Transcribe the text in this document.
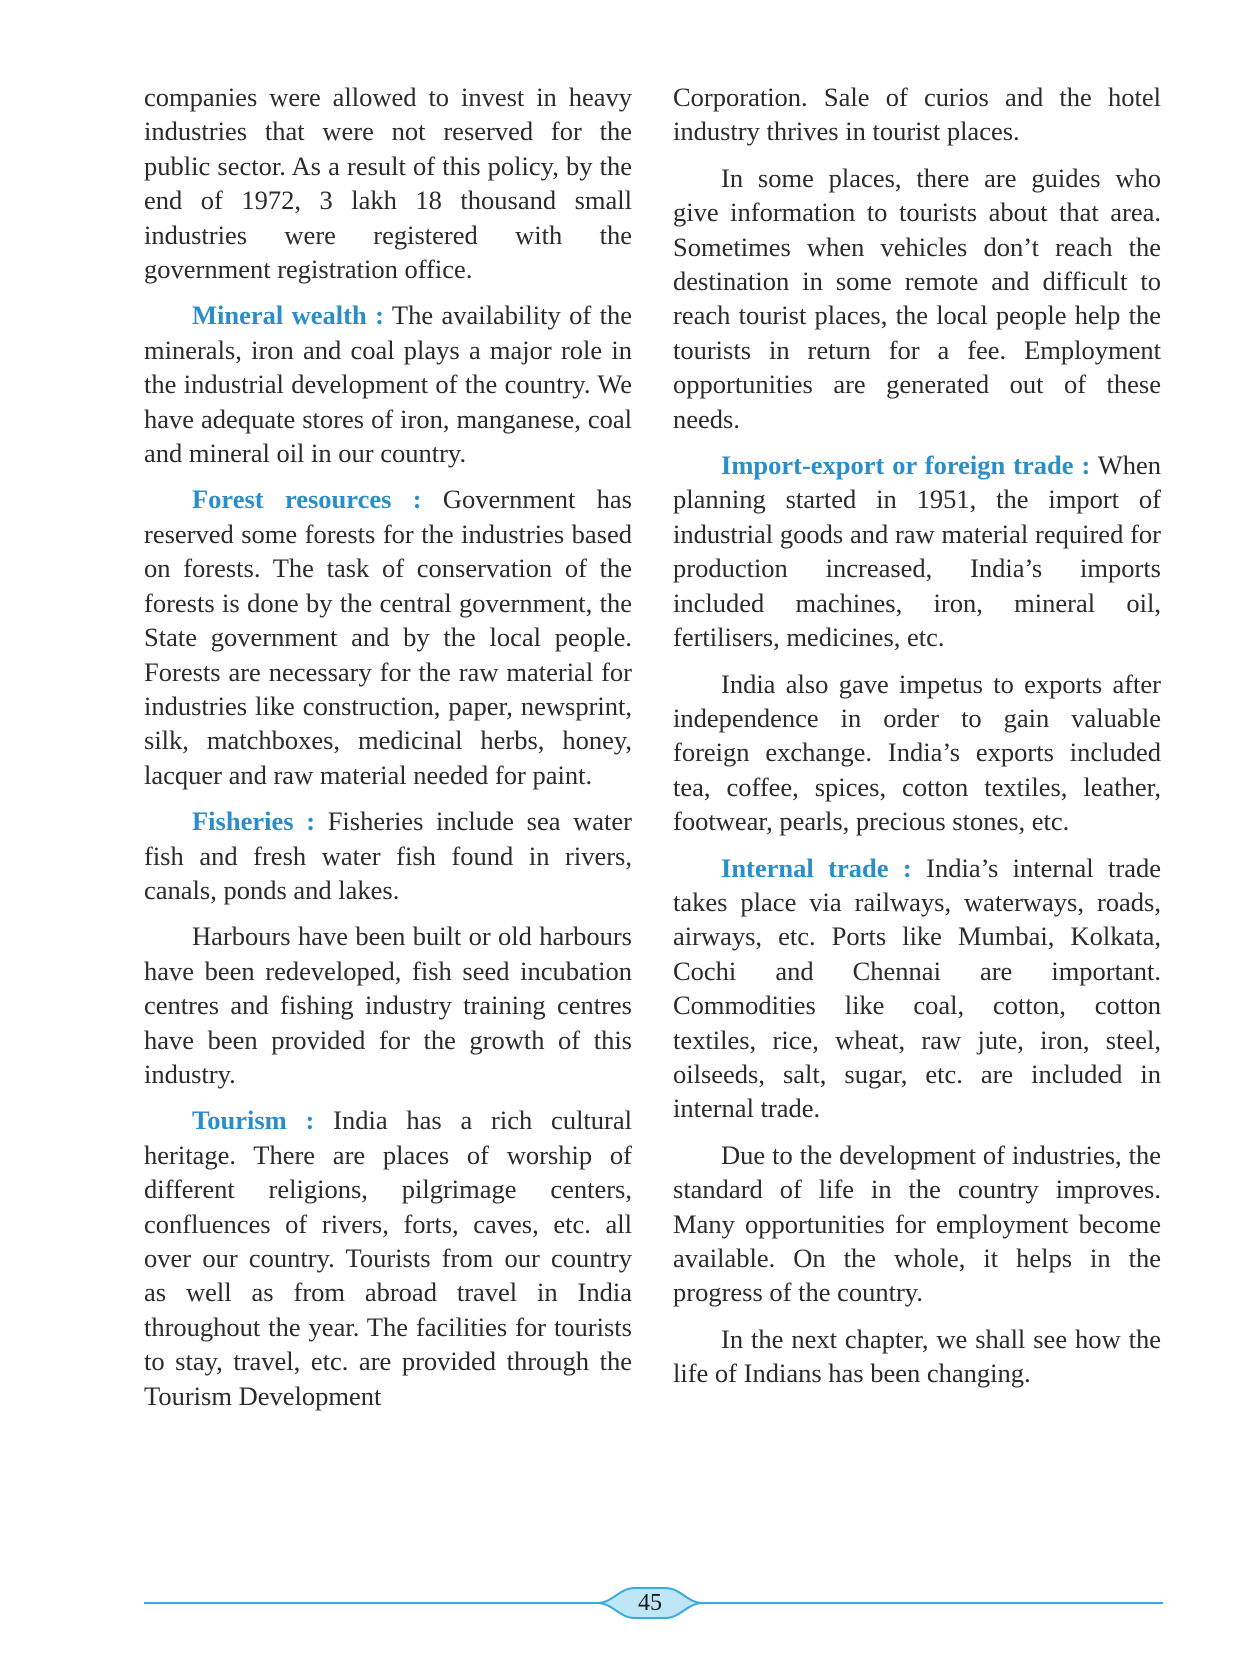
companies were allowed to invest in heavy industries that were not reserved for the public sector. As a result of this policy, by the end of 1972, 3 lakh 18 thousand small industries were registered with the government registration office.

Mineral wealth : The availability of the minerals, iron and coal plays a major role in the industrial development of the country. We have adequate stores of iron, manganese, coal and mineral oil in our country.

Forest resources : Government has reserved some forests for the industries based on forests. The task of conservation of the forests is done by the central government, the State government and by the local people. Forests are necessary for the raw material for industries like construction, paper, newsprint, silk, matchboxes, medicinal herbs, honey, lacquer and raw material needed for paint.

Fisheries : Fisheries include sea water fish and fresh water fish found in rivers, canals, ponds and lakes.

Harbours have been built or old harbours have been redeveloped, fish seed incubation centres and fishing industry training centres have been provided for the growth of this industry.

Tourism : India has a rich cultural heritage. There are places of worship of different religions, pilgrimage centers, confluences of rivers, forts, caves, etc. all over our country. Tourists from our country as well as from abroad travel in India throughout the year. The facilities for tourists to stay, travel, etc. are provided through the Tourism Development

Corporation. Sale of curios and the hotel industry thrives in tourist places.

In some places, there are guides who give information to tourists about that area. Sometimes when vehicles don’t reach the destination in some remote and difficult to reach tourist places, the local people help the tourists in return for a fee. Employment opportunities are generated out of these needs.

Import-export or foreign trade : When planning started in 1951, the import of industrial goods and raw material required for production increased, India’s imports included machines, iron, mineral oil, fertilisers, medicines, etc.

India also gave impetus to exports after independence in order to gain valuable foreign exchange. India’s exports included tea, coffee, spices, cotton textiles, leather, footwear, pearls, precious stones, etc.

Internal trade : India’s internal trade takes place via railways, waterways, roads, airways, etc. Ports like Mumbai, Kolkata, Cochi and Chennai are important. Commodities like coal, cotton, cotton textiles, rice, wheat, raw jute, iron, steel, oilseeds, salt, sugar, etc. are included in internal trade.

Due to the development of industries, the standard of life in the country improves. Many opportunities for employment become available. On the whole, it helps in the progress of the country.

In the next chapter, we shall see how the life of Indians has been changing.

45
